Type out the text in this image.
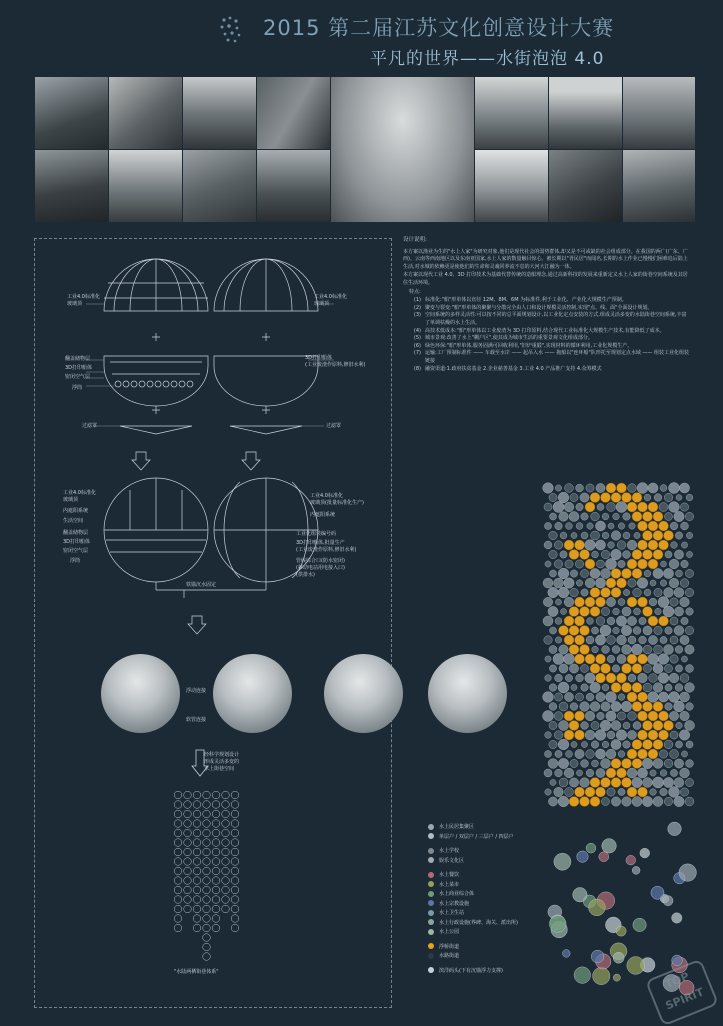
2015 第二届江苏文化创意设计大赛
平凡的世界——水街泡泡 4.0
工业4.0标准化
玻璃顶
工业4.0标准化
玻璃顶
翻盖储物层
3D打印船体
密闭空气层
浮筒
3D打印船体
(工业废渣作原料,修旧水利)
过滤罩	过滤罩
工业4.0标准化
玻璃顶
内遮阳系统
生活空间
翻盖储物层
3D打印船体
密闭空气层
浮筒
工业4.0标准化
玻璃顶(批量标准化生产)
内遮阳系统
工业化组装编号码
3D打印船体,批量生产
(工业废渣作原料,修旧水利)
管线综合口(防水密闭)
(移动电站用电接入口)
(供排水)
铁锚沉水固定
浮动连接
软管连接
经科学规划设计
形成灵活多变的
水上街巷空间
"水陆两栖街巷体系"

设计说明:

本方案以渔业为生的"水上人家"为研究对象,他们是现代社会的弱势群体,却又是不可或缺的社会组成部分。在我国的两广(广东、广西)、云南等西南地区以及东南亚国家,水上人家的数量触目惊心。被长期以"胥民居"而闻名,长期的水上作业已慢慢们困难追后陆上生活,对水城的依赖更是使他们的生命和灵魂同养流不息的大河大江融为一体。

本方案以现代工业 4.0、3D 打印技术为基础代替传统的造船理念,通过高新科技的发展来重新定义水上人家的街巷空间系统及其居住生活环境。

特点:

(1) 标准化:"船"形单体以直径 12M、8M、6M 为标准件,利于工业化、产业化大规模生产预制。
(2) 聚变与裂变:"船"形单体的聚聚与分散完全由人口和设计规模灵活控制,实现"点、线、面"全面设计规划。
(3) 空间系统的多样灵活性:可以按不同的总平面规划设计,以工业化定点安装的方式,组成灵活多变的水陆街巷空间系统,丰富了单调枯燥的水上生活。
(4) 高技术低成本:"船"形单体以工业废渣为 3D 打印原料,结合现代工业标准化大规模生产技术,有能降低了成本。
(5) 城市景观:改善了水上"棚户区",使其成为城市生活的重要景观文化组成部分。
(6) 绿色环保:"船"形单体,服务固满可回收利用,"旧炉重锻",实现材料的循环利用,工业化规模生产。
(7) 运输:工厂预制标准件 —— 车载至水岸 —— 起吊入水 —— 拖船以"连环船"队形托至规划定点水域 —— 组装工业化组装链接
(8) 融资渠道:1.政府扶贫基金 2.企业慈善基金 3.工业 4.0 产品推广支持 4.众筹模式
水上民居集聚区
单层户 / 双层户 / 三层户 / 四层户
水上学校
娱乐文化区
水上餐饮
水上菜市
水上商业综合体
水上宗教设施
水上卫生站
水上行政设施(界碑、海关、派出所)
水上公园
浮桥街道
水路街道
滨洋码头(下有沉锚浮力支撑)	TOP
SPIRIT
